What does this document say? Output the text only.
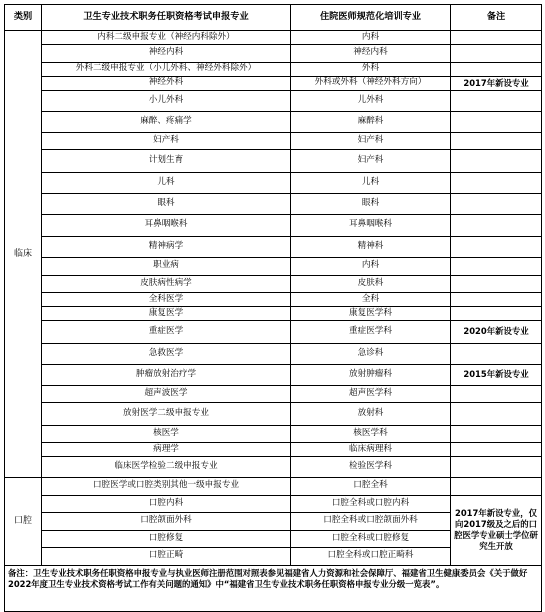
类别	卫生专业技术职务任职资格考试申报专业	住院医师规范化培训专业	备注
临床	内科二级申报专业（神经内科除外）	内科	
	神经内科	神经内科	
	外科二级申报专业（小儿外科、神经外科除外）	外科	
	神经外科	外科或外科（神经外科方向）	2017年新设专业
	小儿外科	儿外科	
	麻醉、疼痛学	麻醉科	
	妇产科	妇产科	
	计划生育	妇产科	
	儿科	儿科	
	眼科	眼科	
	耳鼻咽喉科	耳鼻咽喉科	
	精神病学	精神科	
	职业病	内科	
	皮肤病性病学	皮肤科	
	全科医学	全科	
	康复医学	康复医学科	
	重症医学	重症医学科	2020年新设专业
	急救医学	急诊科	
	肿瘤放射治疗学	放射肿瘤科	2015年新设专业
	超声波医学	超声医学科	
	放射医学二级申报专业	放射科	
	核医学	核医学科	
	病理学	临床病理科	
	临床医学检验二级申报专业	检验医学科	
口腔	口腔医学或口腔类别其他一级申报专业	口腔全科	
	口腔内科	口腔全科或口腔内科	2017年新设专业，仅向2017级及之后的口腔医学专业硕士学位研究生开放
	口腔颌面外科	口腔全科或口腔颌面外科	
	口腔修复	口腔全科或口腔修复	
	口腔正畸	口腔全科或口腔正畸科	
备注：卫生专业技术职务任职资格申报专业与执业医师注册范围对照表参见福建省人力资源和社会保障厅、福建省卫生健康委员会《关于做好2022年度卫生专业技术资格考试工作有关问题的通知》中“福建省卫生专业技术职务任职资格申报专业分级一览表”。			
